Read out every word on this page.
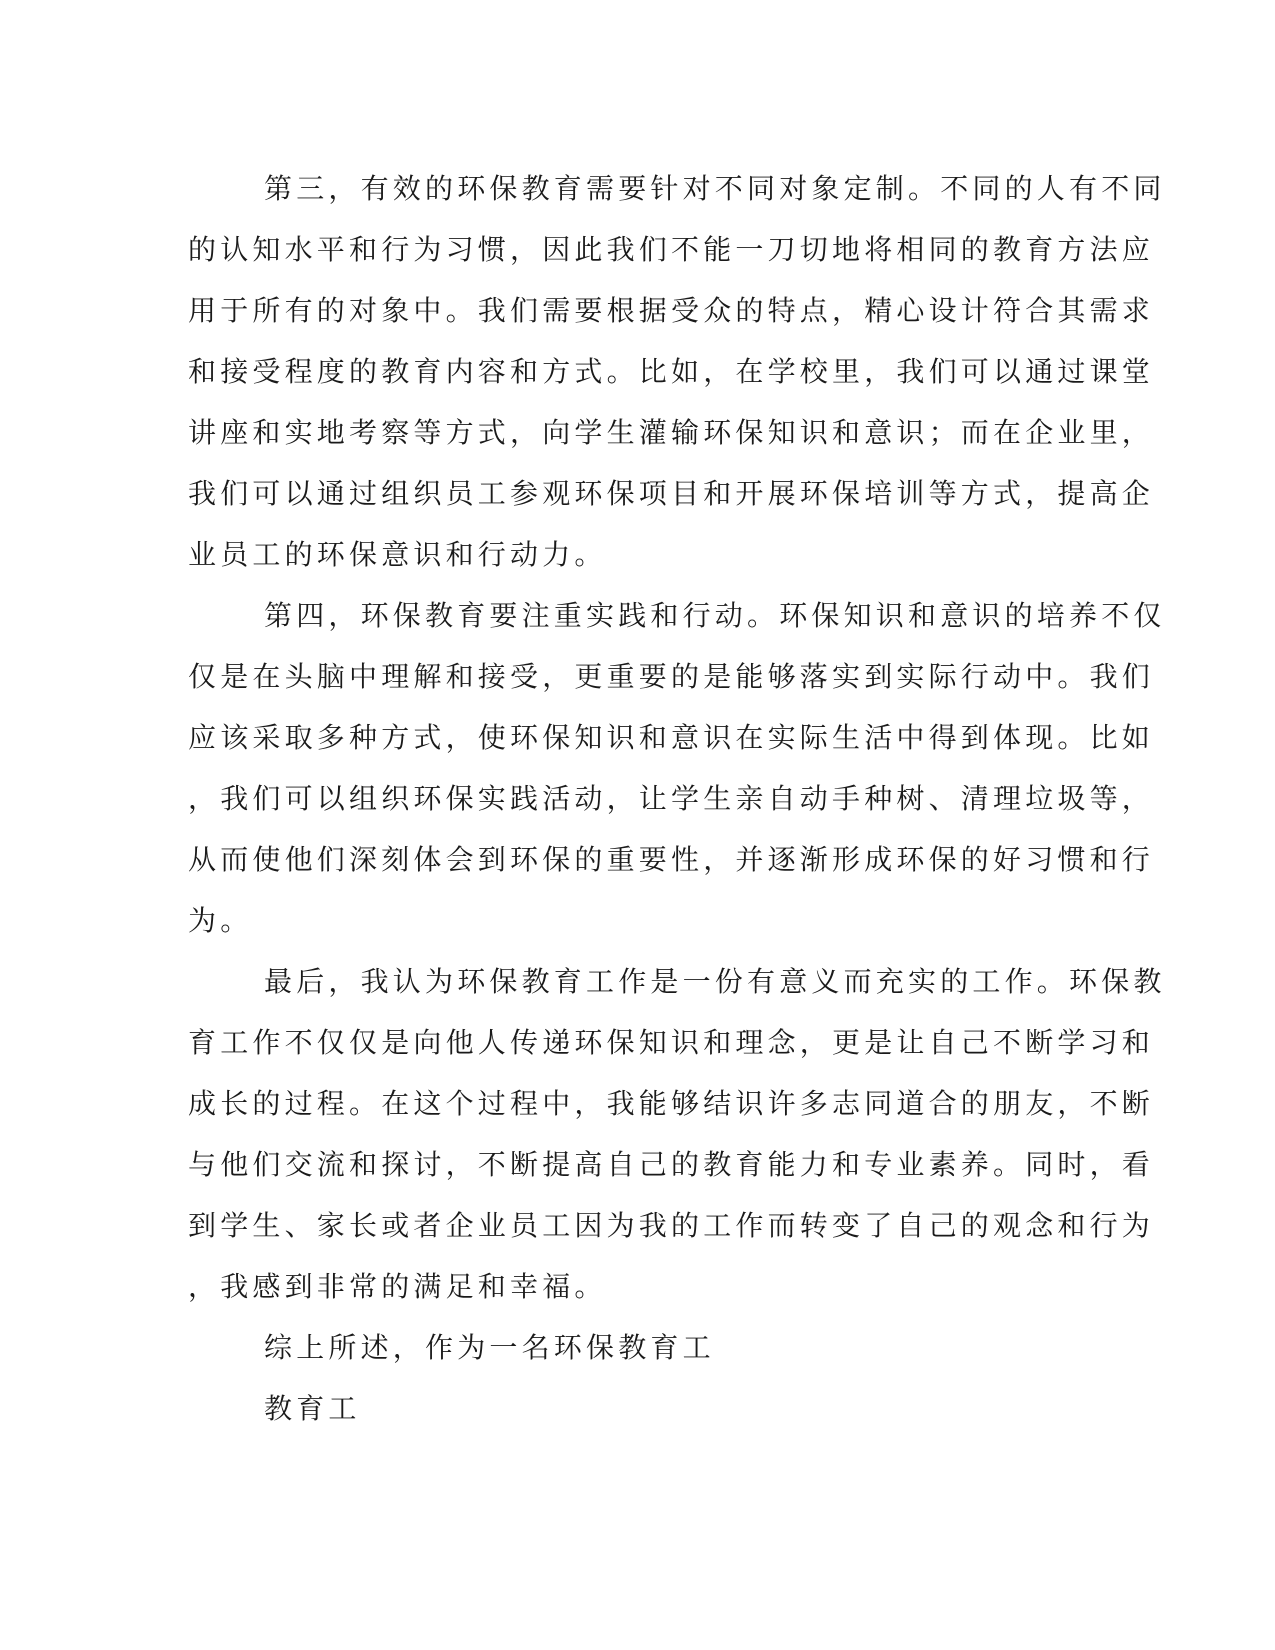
第三，有效的环保教育需要针对不同对象定制。不同的人有不同
的认知水平和行为习惯，因此我们不能一刀切地将相同的教育方法应
用于所有的对象中。我们需要根据受众的特点，精心设计符合其需求
和接受程度的教育内容和方式。比如，在学校里，我们可以通过课堂
讲座和实地考察等方式，向学生灌输环保知识和意识；而在企业里，
我们可以通过组织员工参观环保项目和开展环保培训等方式，提高企
业员工的环保意识和行动力。

第四，环保教育要注重实践和行动。环保知识和意识的培养不仅
仅是在头脑中理解和接受，更重要的是能够落实到实际行动中。我们
应该采取多种方式，使环保知识和意识在实际生活中得到体现。比如
，我们可以组织环保实践活动，让学生亲自动手种树、清理垃圾等，
从而使他们深刻体会到环保的重要性，并逐渐形成环保的好习惯和行
为。

最后，我认为环保教育工作是一份有意义而充实的工作。环保教
育工作不仅仅是向他人传递环保知识和理念，更是让自己不断学习和
成长的过程。在这个过程中，我能够结识许多志同道合的朋友，不断
与他们交流和探讨，不断提高自己的教育能力和专业素养。同时，看
到学生、家长或者企业员工因为我的工作而转变了自己的观念和行为
，我感到非常的满足和幸福。

综上所述，作为一名环保教育工

教育工
